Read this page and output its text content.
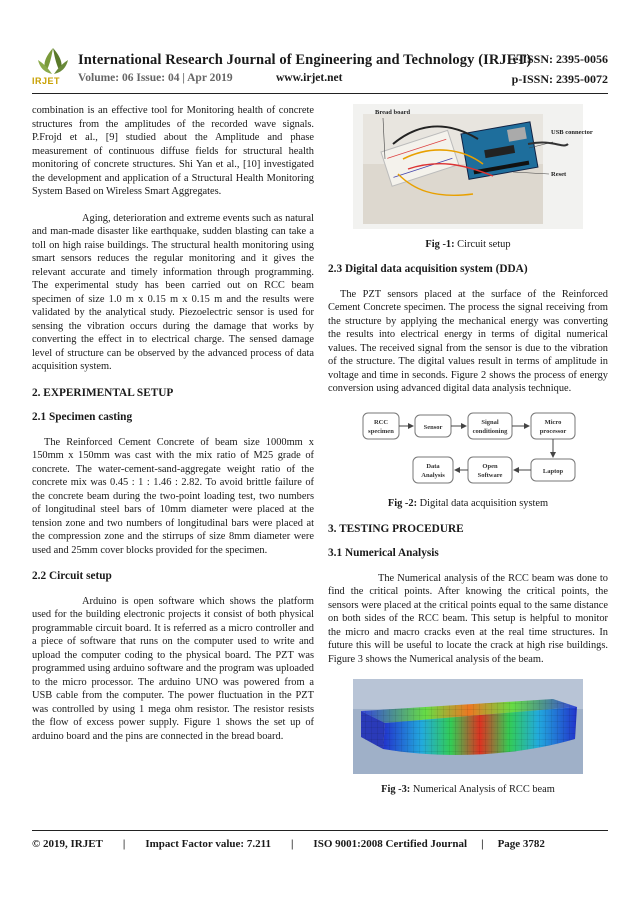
IRJET
International Research Journal of Engineering and Technology (IRJET)
e-ISSN: 2395-0056
Volume: 06 Issue: 04 | Apr 2019	www.irjet.net	p-ISSN: 2395-0072

combination is an effective tool for Monitoring health of concrete structures from the amplitudes of the recorded wave signals. P.Frojd et al., [9] studied about the Amplitude and phase measurement of continuous diffuse fields for structural health monitoring of concrete structures. Shi Yan et al., [10] investigated the development and application of a Structural Health Monitoring System Based on Wireless Smart Aggregates.

Aging, deterioration and extreme events such as natural and man-made disaster like earthquake, sudden blasting can take a toll on high raise buildings. The structural health monitoring using smart sensors reduces the regular monitoring and it gives the relevant accurate and timely information through programming. The experimental study has been carried out on RCC beam specimen of size 1.0 m x 0.15 m x 0.15 m and the results were validated by the analytical study. Piezoelectric sensor is used for sensing the vibration occurs during the damage that works by converting the effect in to electrical charge. The sensed damage level of structure can be observed by the advanced process of data acquisition system.

2. EXPERIMENTAL SETUP
2.1 Specimen casting

The Reinforced Cement Concrete of beam size 1000mm x 150mm x 150mm was cast with the mix ratio of M25 grade of concrete. The water-cement-sand-aggregate weight ratio of the concrete mix was 0.45 : 1 : 1.46 : 2.82. To avoid brittle failure of the concrete beam during the two-point loading test, two numbers of longitudinal steel bars of 10mm diameter were placed at the tension zone and two numbers of longitudinal bars were placed at the compression zone and the stirrups of size 8mm diameter were used and 25mm cover blocks provided for the specimen.

2.2 Circuit setup

Arduino is open software which shows the platform used for the building electronic projects it consist of both physical programmable circuit board. It is referred as a micro controller and a piece of software that runs on the computer used to write and upload the computer coding to the physical board. The PZT was programmed using arduino software and the program was uploaded to the micro processor. The arduino UNO was powered from a USB cable from the computer. The power fluctuation in the PZT was controlled by using 1 mega ohm resistor. The resistor resists the flow of excess power supply. Figure 1 shows the set up of arduino board and the pins are connected in the bread board.

Bread board
USB connector
Reset
Fig -1: Circuit setup
2.3 Digital data acquisition system (DDA)

The PZT sensors placed at the surface of the Reinforced Cement Concrete specimen. The process the signal receiving from the structure by applying the mechanical energy was converting the results into electrical energy in terms of digital numerical values. The received signal from the sensor is due to the vibration of the structure. The digital values result in terms of amplitude in voltage and time in seconds. Figure 2 shows the process of energy conversion using advanced digital data analysis technique.

RCC
specimen
Sensor
Signal
conditioning
Micro
processor
Data
Analysis
Open
Software
Laptop
Fig -2: Digital data acquisition system
3. TESTING PROCEDURE
3.1 Numerical Analysis

The Numerical analysis of the RCC beam was done to find the critical points. After knowing the critical points, the sensors were placed at the critical points equal to the same distance on both sides of the RCC beam. This setup is helpful to monitor the micro and macro cracks even at the real time structures. In future this will be useful to locate the crack at high rise buildings. Figure 3 shows the Numerical analysis of the beam.

Fig -3: Numerical Analysis of RCC beam
© 2019, IRJET | Impact Factor value: 7.211 | ISO 9001:2008 Certified Journal | Page 3782
